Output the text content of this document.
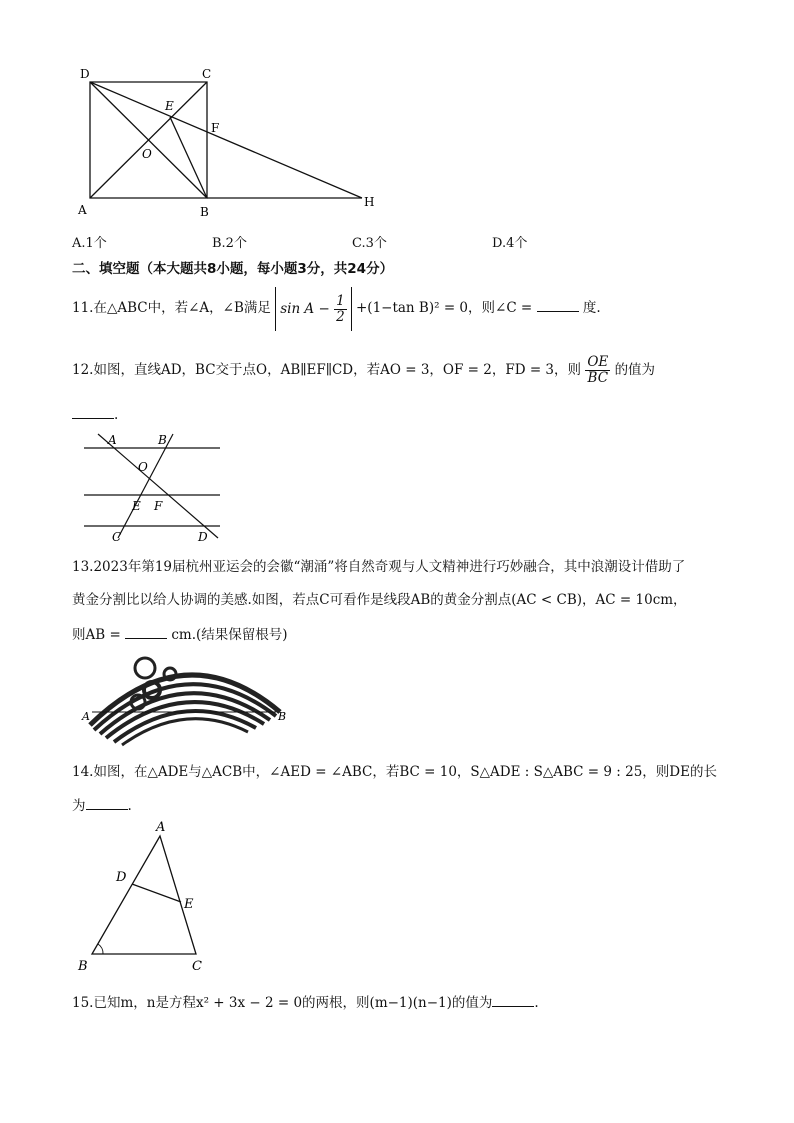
D	C
E
F
O
A	B
H
A.1个	B.2个	C.3个	D.4个
二、填空题（本大题共8小题，每小题3分，共24分）
11.在△ABC中，若∠A，∠B满足 $\sin A - \frac{1}{2} +(1-\tan$ B)² = 0，则∠C =	度.
12.如图，直线AD，BC交于点O，AB∥EF∥CD，若AO = 3，OF = 2，FD = 3，则 $\frac{OE}{BC}$ 的值为
.
A	B
O
E F
C	D
13.2023年第19届杭州亚运会的会徽“潮涌”将自然奇观与人文精神进行巧妙融合，其中浪潮设计借助了
黄金分割比以给人协调的美感.如图，若点C可看作是线段AB的黄金分割点(AC < CB)，AC = 10cm，
则AB =	cm.(结果保留根号)
A	B
14.如图，在△ADE与△ACB中，∠AED = ∠ABC，若BC = 10，S△ADE : S△ABC = 9 : 25，则DE的长
为	.
A
D
E
B	C
15.已知m，n是方程x² + 3x − 2 = 0的两根，则(m−1)(n−1)的值为	.
